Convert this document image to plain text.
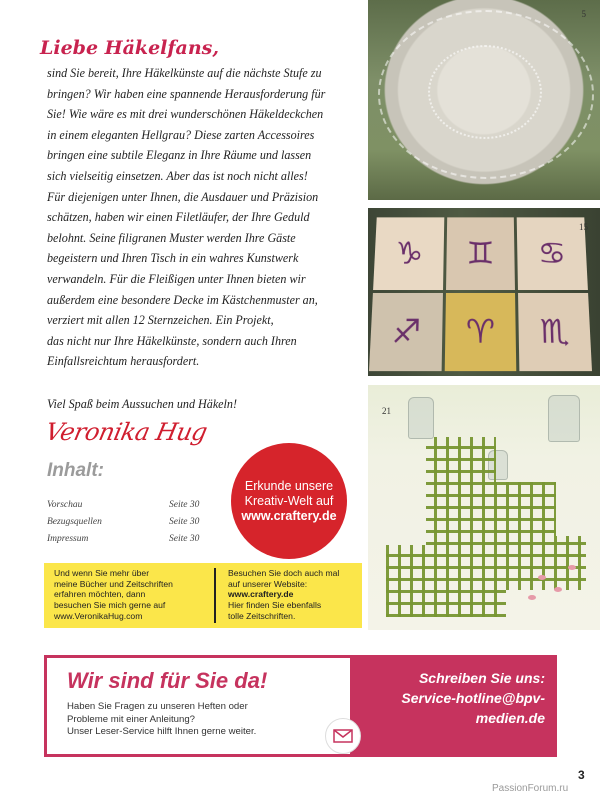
Liebe Häkelfans,

sind Sie bereit, Ihre Häkelkünste auf die nächste Stufe zu
bringen? Wir haben eine spannende Herausforderung für
Sie! Wie wäre es mit drei wunderschönen Häkeldeckchen
in einem eleganten Hellgrau? Diese zarten Accessoires
bringen eine subtile Eleganz in Ihre Räume und lassen
sich vielseitig einsetzen. Aber das ist noch nicht alles!
Für diejenigen unter Ihnen, die Ausdauer und Präzision
schätzen, haben wir einen Filetläufer, der Ihre Geduld
belohnt. Seine filigranen Muster werden Ihre Gäste
begeistern und Ihren Tisch in ein wahres Kunstwerk
verwandeln. Für die Fleißigen unter Ihnen bieten wir
außerdem eine besondere Decke im Kästchenmuster an,
verziert mit allen 12 Sternzeichen. Ein Projekt,
das nicht nur Ihre Häkelkünste, sondern auch Ihren
Einfallsreichtum herausfordert.

Viel Spaß beim Aussuchen und Häkeln!
Veronika Hug
Inhalt:
Vorschau	Seite 30
Bezugsquellen	Seite 30
Impressum	Seite 30
Erkunde unsere
Kreativ-Welt auf
www.craftery.de
Und wenn Sie mehr über
meine Bücher und Zeitschriften
erfahren möchten, dann
besuchen Sie mich gerne auf
www.VeronikaHug.com
Besuchen Sie doch auch mal
auf unserer Website:
www.craftery.de
Hier finden Sie ebenfalls
tolle Zeitschriften.
5
♑	♊	♋
♐	♈	♏
15
21

Wir sind für Sie da!

Haben Sie Fragen zu unseren Heften oder
Probleme mit einer Anleitung?
Unser Leser-Service hilft Ihnen gerne weiter.
Schreiben Sie uns:
Service-hotline@bpv-
medien.de
3
PassionForum.ru
